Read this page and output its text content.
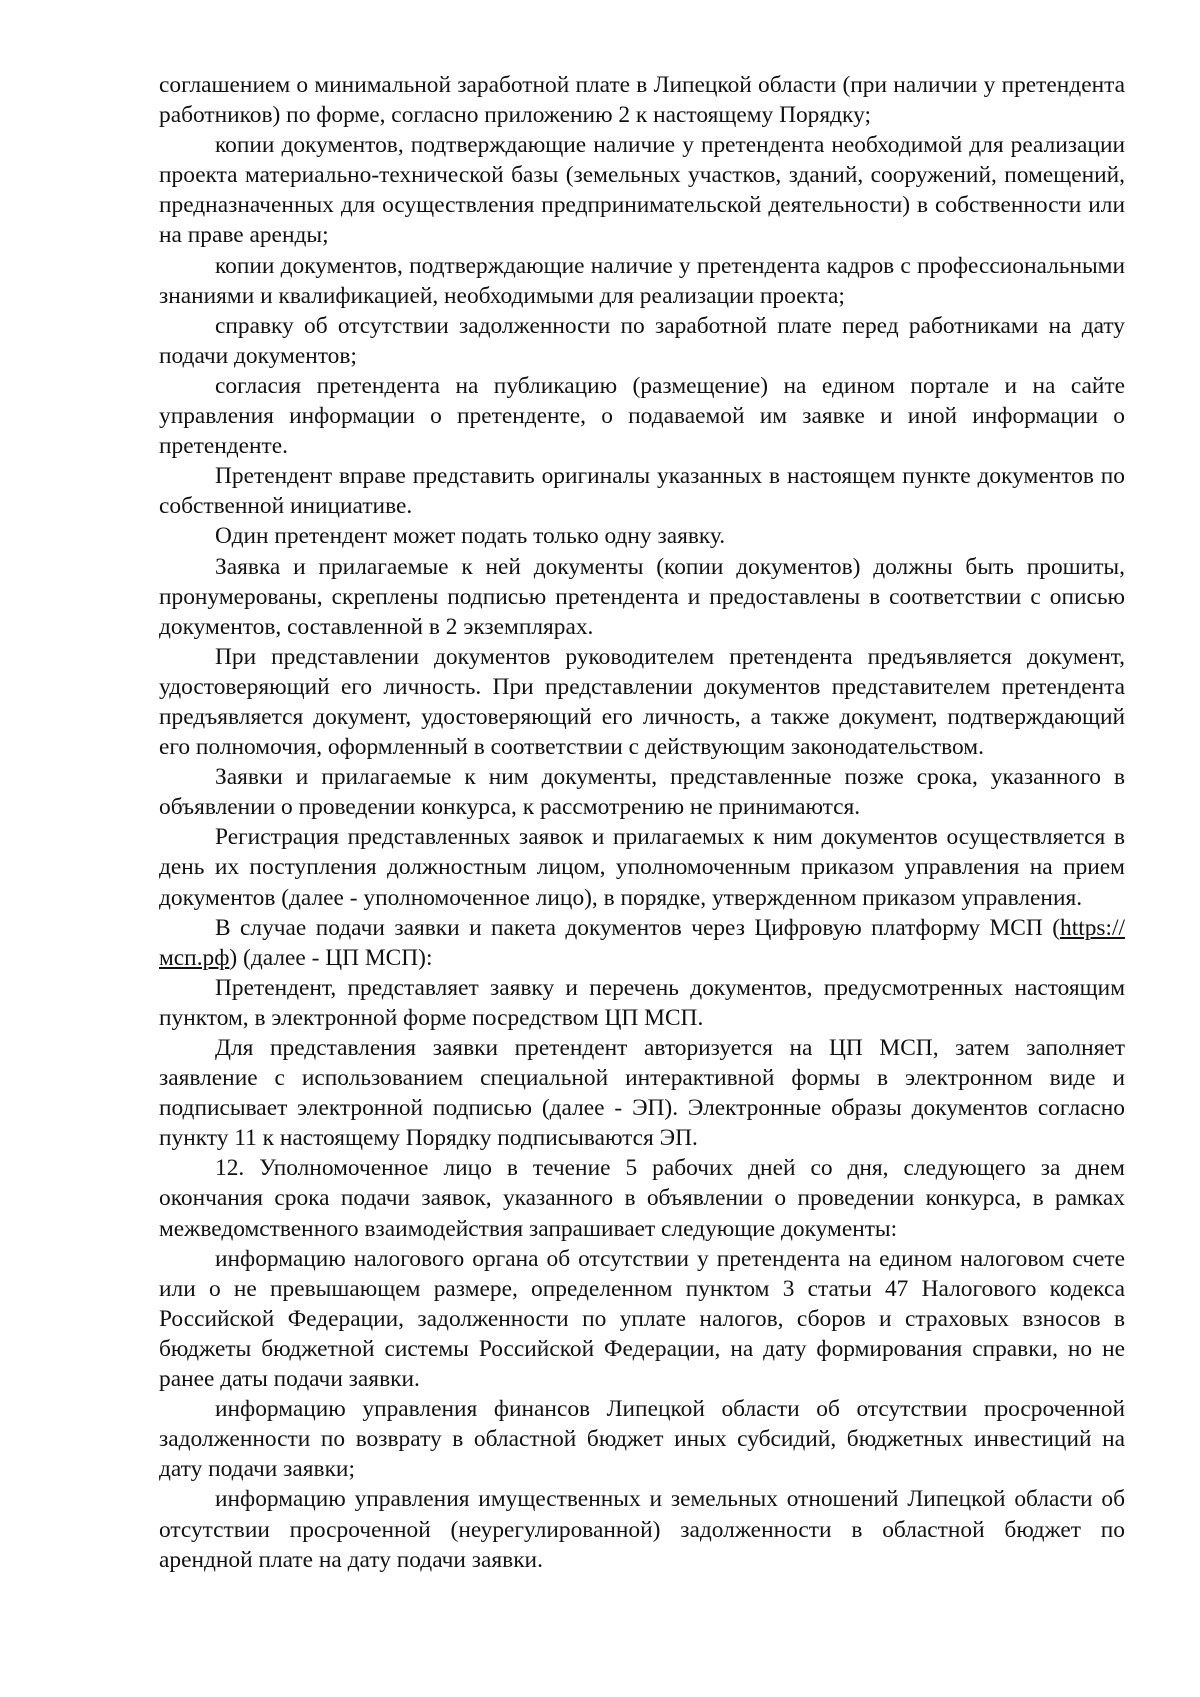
соглашением о минимальной заработной плате в Липецкой области (при наличии у претендента работников) по форме, согласно приложению 2 к настоящему Порядку;

копии документов, подтверждающие наличие у претендента необходимой для реализации проекта материально-технической базы (земельных участков, зданий, сооружений, помещений, предназначенных для осуществления предпринимательской деятельности) в собственности или на праве аренды;

копии документов, подтверждающие наличие у претендента кадров с профессиональными знаниями и квалификацией, необходимыми для реализации проекта;

справку об отсутствии задолженности по заработной плате перед работниками на дату подачи документов;

согласия претендента на публикацию (размещение) на едином портале и на сайте управления информации о претенденте, о подаваемой им заявке и иной информации о претенденте.

Претендент вправе представить оригиналы указанных в настоящем пункте документов по собственной инициативе.

Один претендент может подать только одну заявку.

Заявка и прилагаемые к ней документы (копии документов) должны быть прошиты, пронумерованы, скреплены подписью претендента и предоставлены в соответствии с описью документов, составленной в 2 экземплярах.

При представлении документов руководителем претендента предъявляется документ, удостоверяющий его личность. При представлении документов представителем претендента предъявляется документ, удостоверяющий его личность, а также документ, подтверждающий его полномочия, оформленный в соответствии с действующим законодательством.

Заявки и прилагаемые к ним документы, представленные позже срока, указанного в объявлении о проведении конкурса, к рассмотрению не принимаются.

Регистрация представленных заявок и прилагаемых к ним документов осуществляется в день их поступления должностным лицом, уполномоченным приказом управления на прием документов (далее - уполномоченное лицо), в порядке, утвержденном приказом управления.

В случае подачи заявки и пакета документов через Цифровую платформу МСП (https://мсп.рф) (далее - ЦП МСП):

Претендент, представляет заявку и перечень документов, предусмотренных настоящим пунктом, в электронной форме посредством ЦП МСП.

Для представления заявки претендент авторизуется на ЦП МСП, затем заполняет заявление с использованием специальной интерактивной формы в электронном виде и подписывает электронной подписью (далее - ЭП). Электронные образы документов согласно пункту 11 к настоящему Порядку подписываются ЭП.

12. Уполномоченное лицо в течение 5 рабочих дней со дня, следующего за днем окончания срока подачи заявок, указанного в объявлении о проведении конкурса, в рамках межведомственного взаимодействия запрашивает следующие документы:

информацию налогового органа об отсутствии у претендента на едином налоговом счете или о не превышающем размере, определенном пунктом 3 статьи 47 Налогового кодекса Российской Федерации, задолженности по уплате налогов, сборов и страховых взносов в бюджеты бюджетной системы Российской Федерации, на дату формирования справки, но не ранее даты подачи заявки.

информацию управления финансов Липецкой области об отсутствии просроченной задолженности по возврату в областной бюджет иных субсидий, бюджетных инвестиций на дату подачи заявки;

информацию управления имущественных и земельных отношений Липецкой области об отсутствии просроченной (неурегулированной) задолженности в областной бюджет по арендной плате на дату подачи заявки.
